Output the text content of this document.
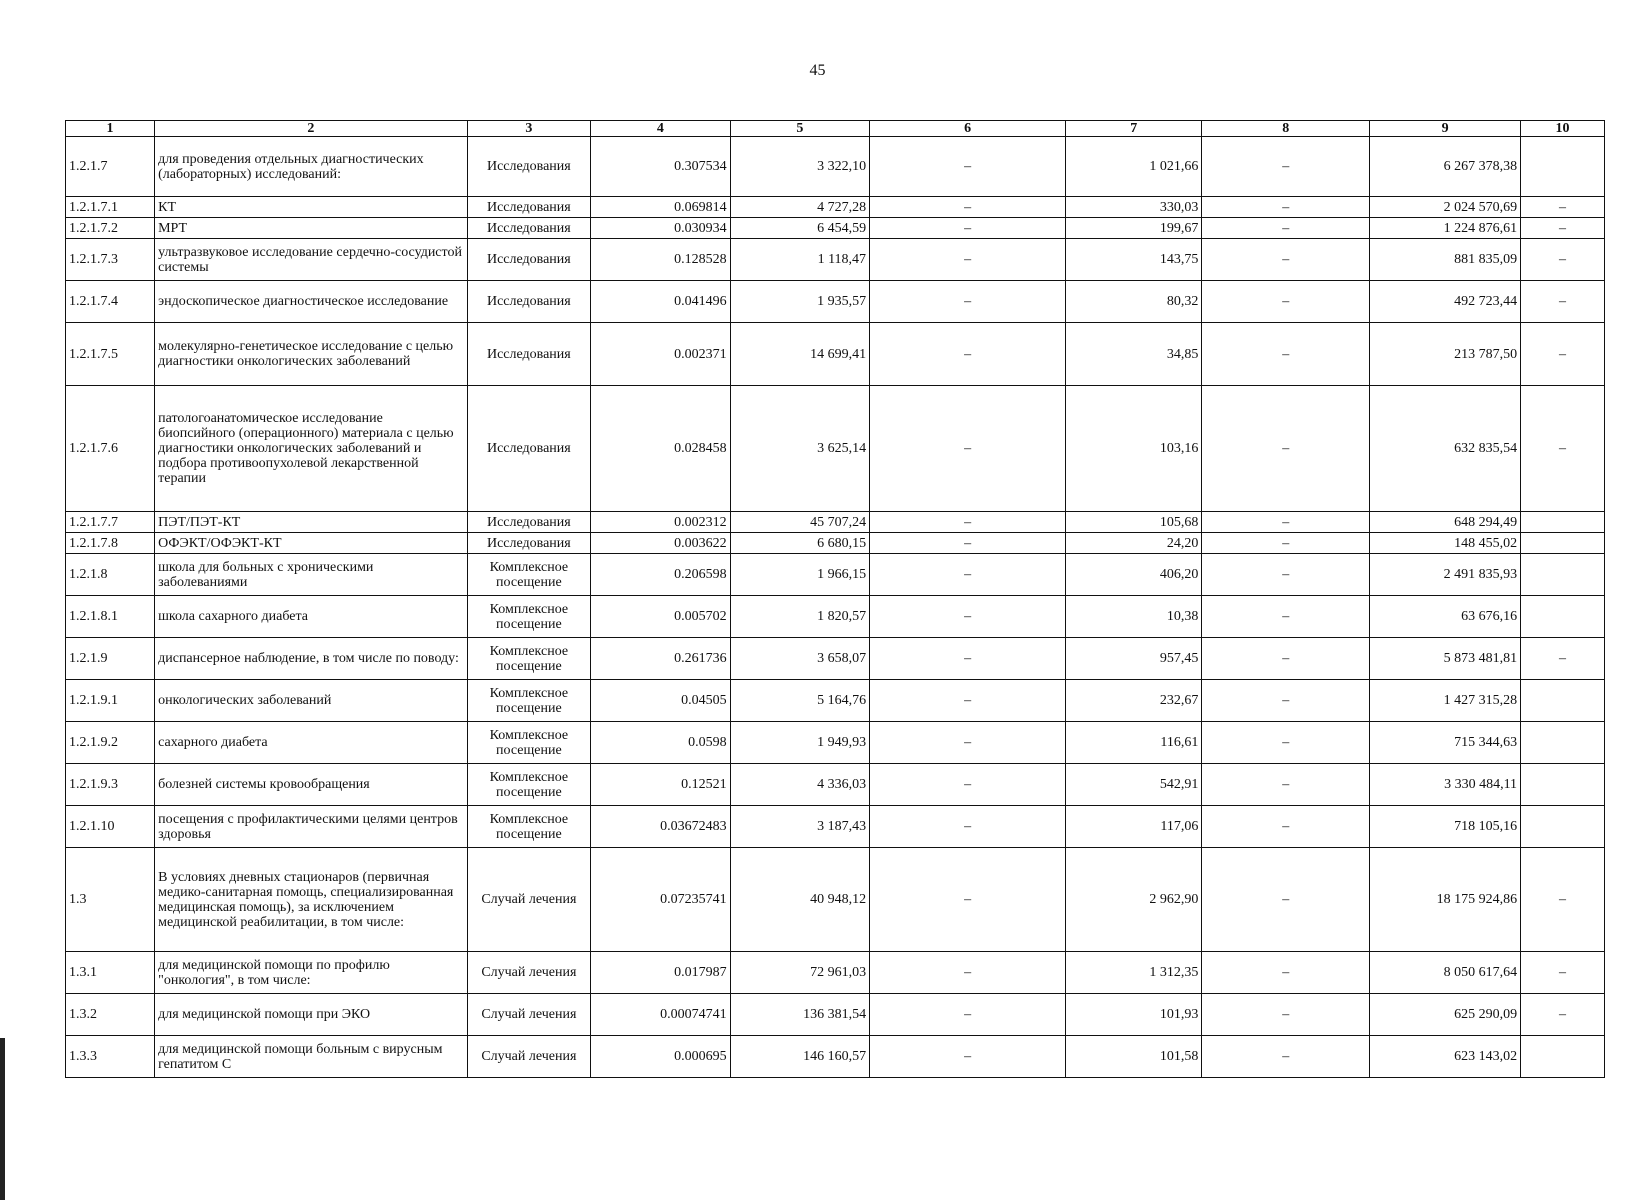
45
1	2	3	4	5	6	7	8	9	10
1.2.1.7	для проведения отдельных диагностических (лабораторных) исследований:	Исследования	0.307534	3 322,10	–	1 021,66	–	6 267 378,38	
1.2.1.7.1	КТ	Исследования	0.069814	4 727,28	–	330,03	–	2 024 570,69	–
1.2.1.7.2	МРТ	Исследования	0.030934	6 454,59	–	199,67	–	1 224 876,61	–
1.2.1.7.3	ультразвуковое исследование сердечно-сосудистой системы	Исследования	0.128528	1 118,47	–	143,75	–	881 835,09	–
1.2.1.7.4	эндоскопическое диагностическое исследование	Исследования	0.041496	1 935,57	–	80,32	–	492 723,44	–
1.2.1.7.5	молекулярно-генетическое исследование с целью диагностики онкологических заболеваний	Исследования	0.002371	14 699,41	–	34,85	–	213 787,50	–
1.2.1.7.6	патологоанатомическое исследование биопсийного (операционного) материала с целью диагностики онкологических заболеваний и подбора противоопухолевой лекарственной терапии	Исследования	0.028458	3 625,14	–	103,16	–	632 835,54	–
1.2.1.7.7	ПЭТ/ПЭТ-КТ	Исследования	0.002312	45 707,24	–	105,68	–	648 294,49	
1.2.1.7.8	ОФЭКТ/ОФЭКТ-КТ	Исследования	0.003622	6 680,15	–	24,20	–	148 455,02	
1.2.1.8	школа для больных с хроническими заболеваниями	Комплексное посещение	0.206598	1 966,15	–	406,20	–	2 491 835,93	
1.2.1.8.1	школа сахарного диабета	Комплексное посещение	0.005702	1 820,57	–	10,38	–	63 676,16	
1.2.1.9	диспансерное наблюдение, в том числе по поводу:	Комплексное посещение	0.261736	3 658,07	–	957,45	–	5 873 481,81	–
1.2.1.9.1	онкологических заболеваний	Комплексное посещение	0.04505	5 164,76	–	232,67	–	1 427 315,28	
1.2.1.9.2	сахарного диабета	Комплексное посещение	0.0598	1 949,93	–	116,61	–	715 344,63	
1.2.1.9.3	болезней системы кровообращения	Комплексное посещение	0.12521	4 336,03	–	542,91	–	3 330 484,11	
1.2.1.10	посещения с профилактическими целями центров здоровья	Комплексное посещение	0.03672483	3 187,43	–	117,06	–	718 105,16	
1.3	В условиях дневных стационаров (первичная медико-санитарная помощь, специализированная медицинская помощь), за исключением медицинской реабилитации, в том числе:	Случай лечения	0.07235741	40 948,12	–	2 962,90	–	18 175 924,86	–
1.3.1	для медицинской помощи по профилю "онкология", в том числе:	Случай лечения	0.017987	72 961,03	–	1 312,35	–	8 050 617,64	–
1.3.2	для медицинской помощи при ЭКО	Случай лечения	0.00074741	136 381,54	–	101,93	–	625 290,09	–
1.3.3	для медицинской помощи больным с вирусным гепатитом С	Случай лечения	0.000695	146 160,57	–	101,58	–	623 143,02	
